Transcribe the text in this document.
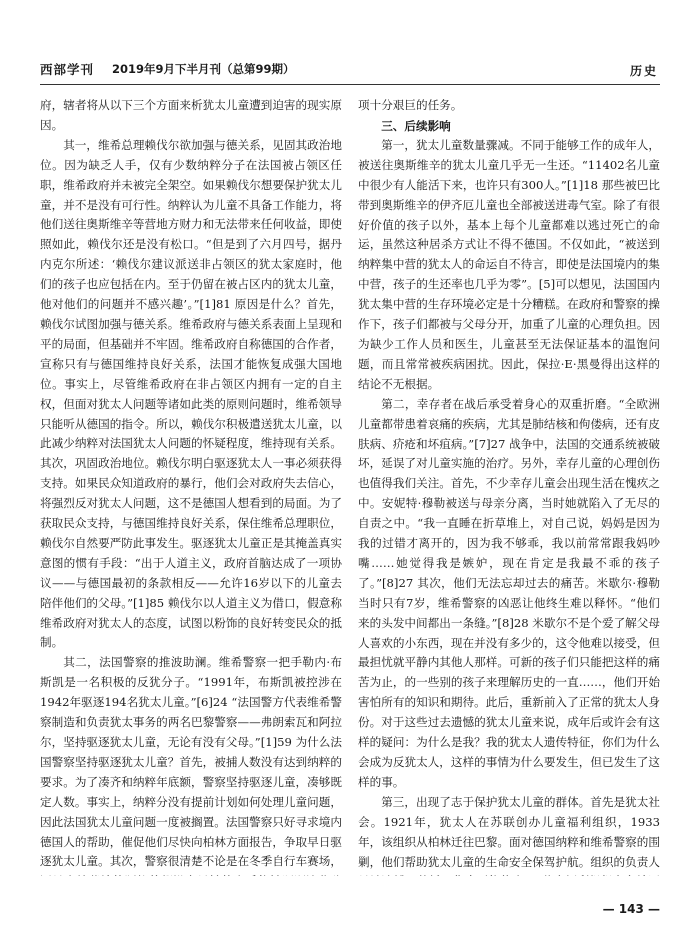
西部学刊 2019年9月下半月刊（总第99期）	历史

府，辖者将从以下三个方面来析犹太儿童遭到迫害的现实原因。

其一，维希总理赖伐尔欲加强与德关系，见固其政治地位。因为缺乏人手，仅有少数纳粹分子在法国被占领区任职，维希政府并未被完全架空。如果赖伐尔想要保护犹太儿童，并不是没有可行性。纳粹认为儿童不具备工作能力，将他们送往奥斯维辛等营地方财力和无法带来任何收益，即使照如此，赖伐尔还是没有松口。“但是到了六月四号，据丹内克尔所述：‘赖伐尔建议派送非占领区的犹太家庭时，他们的孩子也应包括在内。至于仍留在被占区内的犹太儿童，他对他们的问题并不感兴趣’。”[1]81 原因是什么？首先，赖伐尔试图加强与德关系。维希政府与德关系表面上呈现和平的局面，但基础并不牢固。维希政府自称德国的合作者，宣称只有与德国维持良好关系，法国才能恢复成强大国地位。事实上，尽管维希政府在非占领区内拥有一定的自主权，但面对犹太人问题等诸如此类的原则问题时，维希领导只能听从德国的指令。所以，赖伐尔积极遣送犹太儿童，以此减少纳粹对法国犹太人问题的怀疑程度，维持现有关系。其次，巩固政治地位。赖伐尔明白驱逐犹太人一事必须获得支持。如果民众知道政府的暴行，他们会对政府失去信心，将强烈反对犹太人问题，这不是德国人想看到的局面。为了获取民众支持，与德国维持良好关系，保住维希总理职位，赖伐尔自然要严防此事发生。驱逐犹太儿童正是其掩盖真实意图的惯有手段：“出于人道主义，政府首脑达成了一项协议——与德国最初的条款相反——允许16岁以下的儿童去陪伴他们的父母。”[1]85 赖伐尔以人道主义为借口，假意称维希政府对犹太人的态度，试图以粉饰的良好转变民众的抵制。

其二，法国警察的推波助澜。维希警察一把手勒内·布斯凯是一名积极的反犹分子。“1991年，布斯凯被控涉在1942年驱逐194名犹太儿童。”[6]24 “法国警方代表维希警察制造和负责犹太事务的两名巴黎警察——弗朗索瓦和阿拉尔，坚持驱逐犹太儿童，无论有没有父母。”[1]59 为什么法国警察坚持驱逐犹太儿童？首先，被捕人数没有达到纳粹的要求。为了凑齐和纳粹年底额，警察坚持驱逐儿童，凑够既定人数。事实上，纳粹分没有提前计划如何处理儿童问题，因此法国犹太儿童问题一度被搁置。法国警察只好寻求境内德国人的帮助，催促他们尽快向柏林方面报告，争取早日驱逐犹太儿童。其次，警察很清楚不论是在冬季自行车赛场，

项十分艰巨的任务。

三、后续影响

第一，犹太儿童数量骤减。不同于能够工作的成年人，被送往奥斯维辛的犹太儿童几乎无一生还。“11402名儿童中很少有人能活下来，也许只有300人。”[1]18 那些被巴比带到奥斯维辛的伊齐厄儿童也全部被送进毒气室。除了有很好价值的孩子以外，基本上每个儿童都难以逃过死亡的命运，虽然这种居杀方式让不得不德国。不仅如此，“被送到纳粹集中营的犹太人的命运自不待言，即使是法国境内的集中营，孩子的生还率也几乎为零”。[5]可以想见，法国国内犹太集中营的生存环境必定是十分糟糕。在政府和警察的操作下，孩子们都被与父母分开，加重了儿童的心理负担。因为缺少工作人员和医生，儿童甚至无法保证基本的温饱问题，而且常常被疾病困扰。因此，保拉·E·黑曼得出这样的结论不无根据。

第二，幸存者在战后承受着身心的双重折磨。“全欧洲儿童都带患着哀痛的疾病，尤其是肺结核和佝偻病，还有皮肤病、疥疮和坏疽病。”[7]27 战争中，法国的交通系统被破坏，延误了对儿童实施的治疗。另外，幸存儿童的心理创伤也值得我们关注。首先，不少幸存儿童会出现生活在愧疚之中。安妮特·穆勒被送与母亲分离，当时她就陷入了无尽的自责之中。“我一直睡在折草堆上，对自己说，妈妈是因为我的过错才离开的，因为我不够乖，我以前常常跟我妈吵嘴……她觉得我是嫉妒，现在肯定是我最不乖的孩子了。”[8]27 其次，他们无法忘却过去的痛苦。米歇尔·穆勒当时只有7岁，维希警察的凶恶让他终生难以释怀。“他们来的头发中间都出一条缝。”[8]28 米歇尔不是个爱了解父母人喜欢的小东西，现在并没有多少的，这令他难以接受，但最担忧就平静内其他人那样。可新的孩子们只能把这样的痛苦为止，的一些别的孩子来理解历史的一直……，他们开始害怕所有的知识和期待。此后，重新前入了正常的犹太人身份。对于这些过去遗憾的犹太儿童来说，成年后或许会有这样的疑问：为什么是我？我的犹太人遗传特征，你们为什么会成为反犹太人，这样的事情为什么要发生，但已发生了这样的事。

第三，出现了志于保护犹太儿童的群体。首先是犹太社会。1921年，犹太人在苏联创办儿童福利组织，1933年，该组织从柏林迁往巴黎。面对德国纳粹和维希警察的围剿，他们帮助犹太儿童的生命安全保驾护航。组织的负责人

— 143 —
